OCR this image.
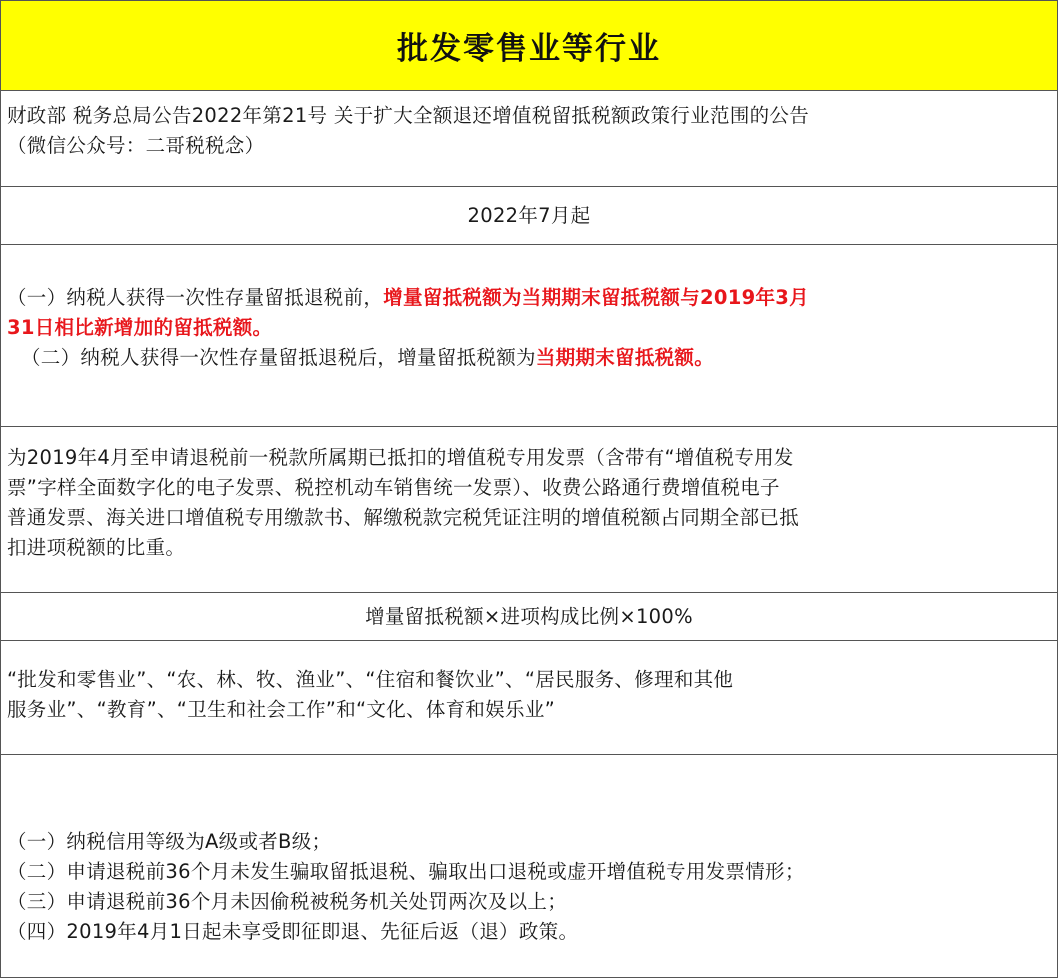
批发零售业等行业
财政部 税务总局公告2022年第21号 关于扩大全额退还增值税留抵税额政策行业范围的公告
（微信公众号：二哥税税念）
2022年7月起
（一）纳税人获得一次性存量留抵退税前，增量留抵税额为当期期末留抵税额与2019年3月
31日相比新增加的留抵税额。
（二）纳税人获得一次性存量留抵退税后，增量留抵税额为当期期末留抵税额。
为2019年4月至申请退税前一税款所属期已抵扣的增值税专用发票（含带有“增值税专用发
票”字样全面数字化的电子发票、税控机动车销售统一发票）、收费公路通行费增值税电子
普通发票、海关进口增值税专用缴款书、解缴税款完税凭证注明的增值税额占同期全部已抵
扣进项税额的比重。
增量留抵税额×进项构成比例×100%
“批发和零售业”、“农、林、牧、渔业”、“住宿和餐饮业”、“居民服务、修理和其他
服务业”、“教育”、“卫生和社会工作”和“文化、体育和娱乐业”
（一）纳税信用等级为A级或者B级；
（二）申请退税前36个月未发生骗取留抵退税、骗取出口退税或虚开增值税专用发票情形；
（三）申请退税前36个月未因偷税被税务机关处罚两次及以上；
（四）2019年4月1日起未享受即征即退、先征后返（退）政策。
